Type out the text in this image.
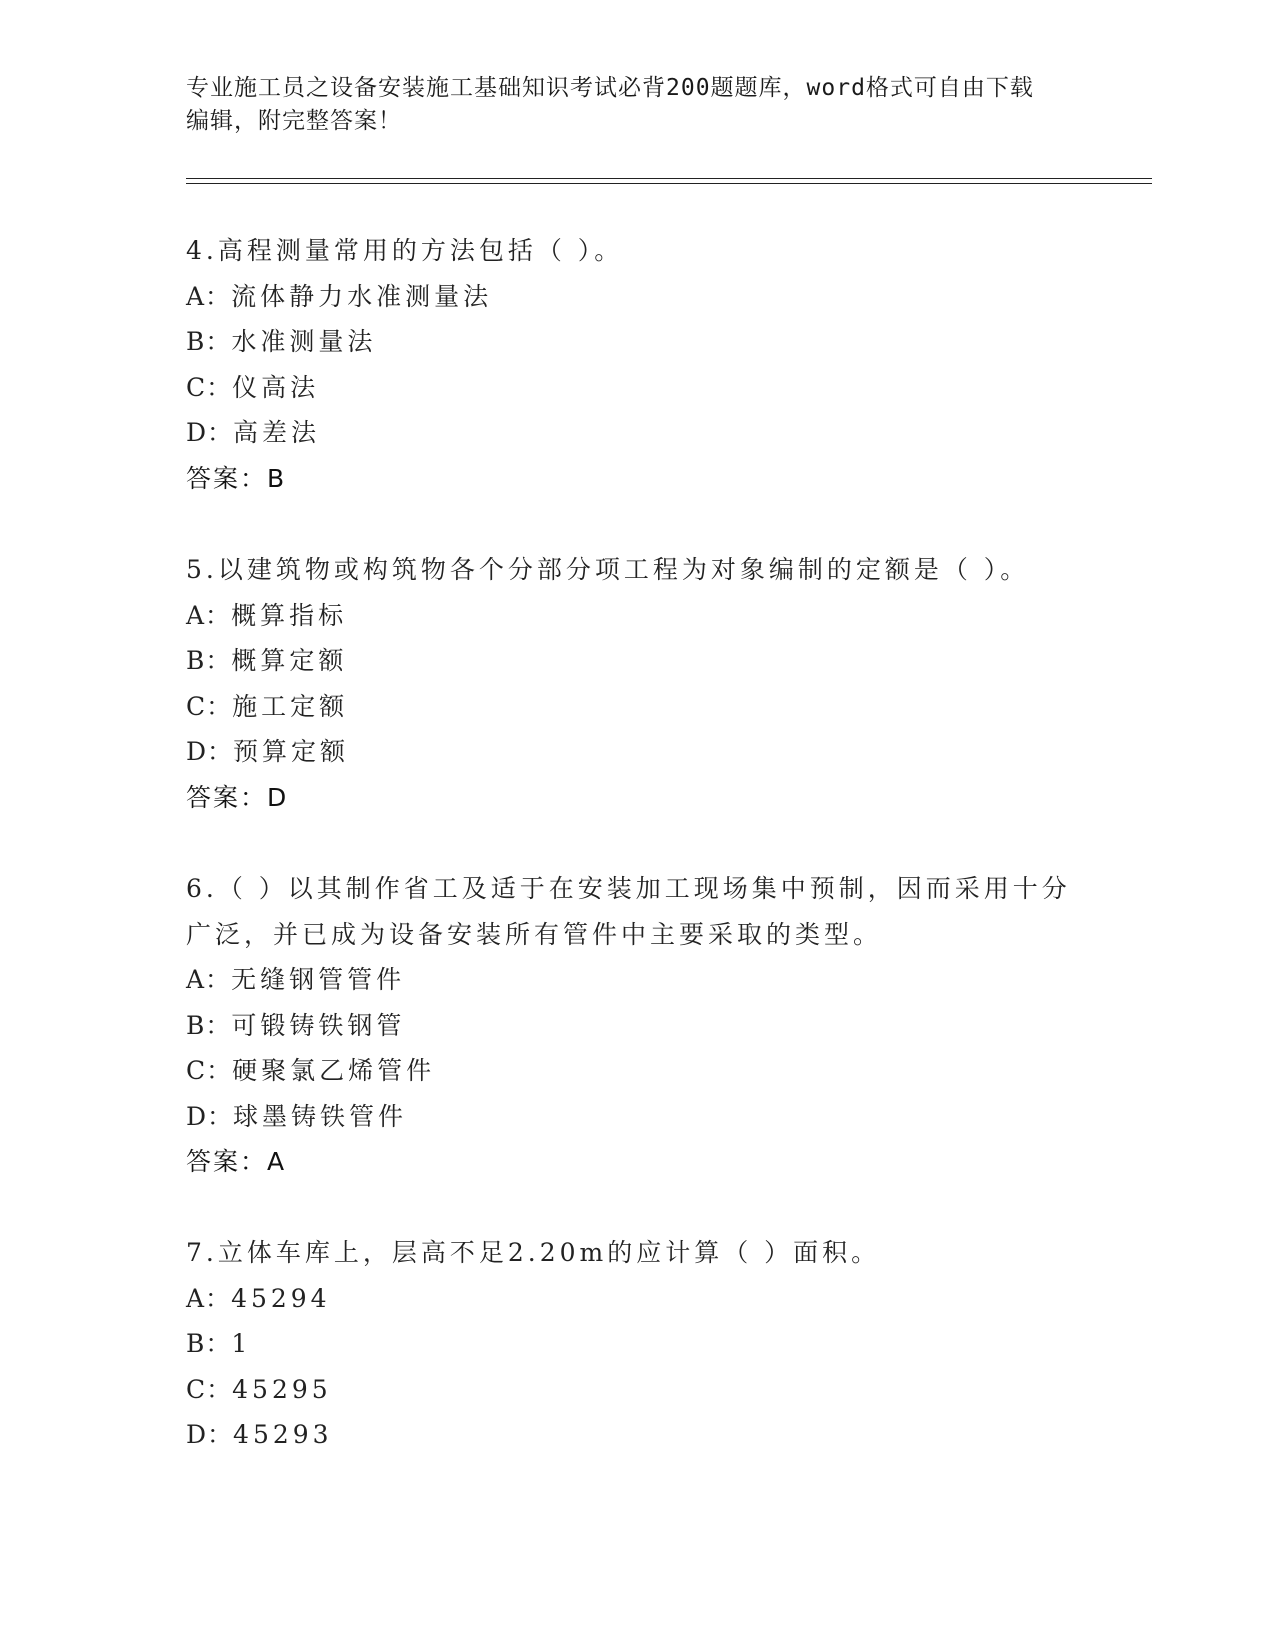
专业施工员之设备安装施工基础知识考试必背200题题库，word格式可自由下载
编辑，附完整答案！
4.高程测量常用的方法包括（ ）。
A：流体静力水准测量法
B：水准测量法
C：仪高法
D：高差法
答案：B
5.以建筑物或构筑物各个分部分项工程为对象编制的定额是（ ）。
A：概算指标
B：概算定额
C：施工定额
D：预算定额
答案：D
6.（ ）以其制作省工及适于在安装加工现场集中预制，因而采用十分
广泛，并已成为设备安装所有管件中主要采取的类型。
A：无缝钢管管件
B：可锻铸铁钢管
C：硬聚氯乙烯管件
D：球墨铸铁管件
答案：A
7.立体车库上，层高不足2.20m的应计算（ ）面积。
A：45294
B：1
C：45295
D：45293
